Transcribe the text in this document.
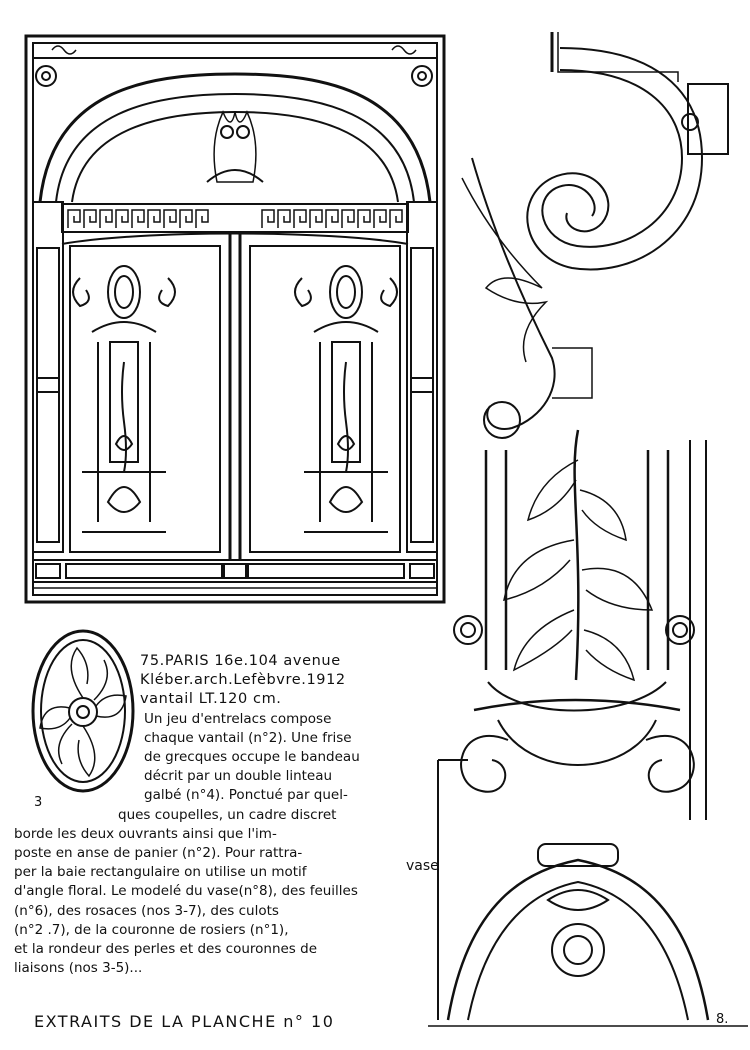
3
vase
75.PARIS 16e.104 avenue
Kléber.arch.Lefèbvre.1912
vantail LT.120 cm.
Un jeu d'entrelacs compose
chaque vantail (n°2). Une frise
de grecques occupe le bandeau
décrit par un double linteau
galbé (n°4). Ponctué par quel-
ques coupelles, un cadre discret
borde les deux ouvrants ainsi que l'im-
poste en anse de panier (n°2). Pour rattra-
per la baie rectangulaire on utilise un motif
d'angle floral. Le modelé du vase(n°8), des feuilles
(n°6), des rosaces (nos 3-7), des culots
(n°2 .7), de la couronne de rosiers (n°1),
et la rondeur des perles et des couronnes de
liaisons (nos 3-5)...
EXTRAITS DE LA PLANCHE n° 10	8.
